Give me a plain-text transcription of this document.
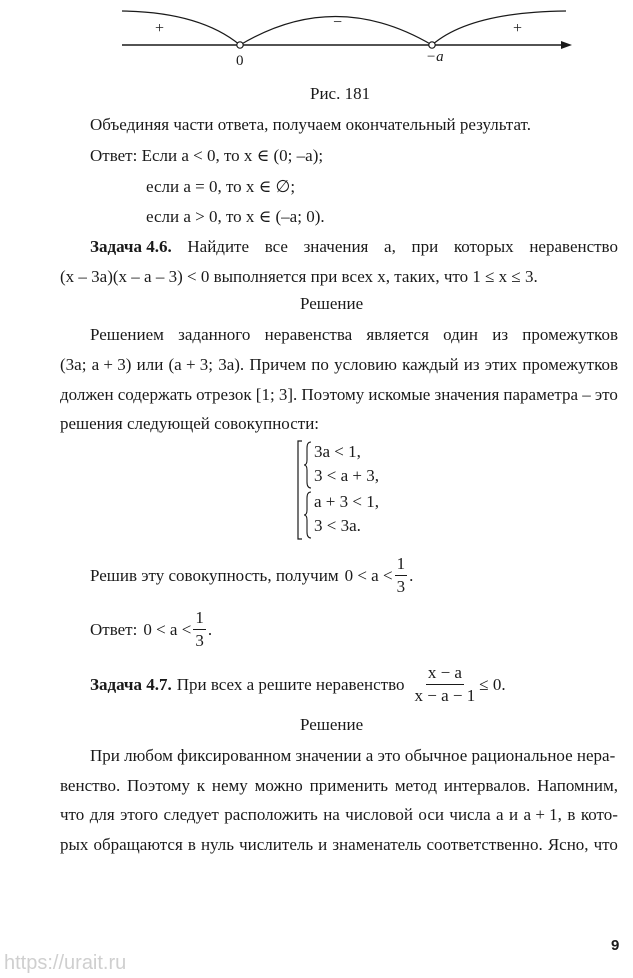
+	−	+
0	−a
Рис. 181
Объединяя части ответа, получаем окончательный результат.
Ответ: Если a < 0, то x ∈ (0; –a);
если a = 0, то x ∈ ∅;
если a > 0, то x ∈ (–a; 0).
Задача 4.6. Найдите все значения a, при которых неравенство
(x – 3a)(x – a – 3) < 0 выполняется при всех x, таких, что 1 ≤ x ≤ 3.
Решение
Решением заданного неравенства является один из промежутков
(3a; a + 3) или (a + 3; 3a). Причем по условию каждый из этих промежутков
должен содержать отрезок [1; 3]. Поэтому искомые значения параметра – это
решения следующей совокупности:
3a < 1,
3 < a + 3,
a + 3 < 1,
3 < 3a.
Решив эту совокупность, получим $0 < a < \frac{1}{3}$ .
Ответ: $0 < a < \frac{1}{3}$ .
Задача 4.7. При всех a решите неравенство $\frac{x - a}{x - a - 1} \le 0$ .
Решение
При любом фиксированном значении a это обычное рациональное нера-
венство. Поэтому к нему можно применить метод интервалов. Напомним,
что для этого следует расположить на числовой оси числа a и a + 1, в кото-
рых обращаются в нуль числитель и знаменатель соответственно. Ясно, что
9
https://urait.ru
